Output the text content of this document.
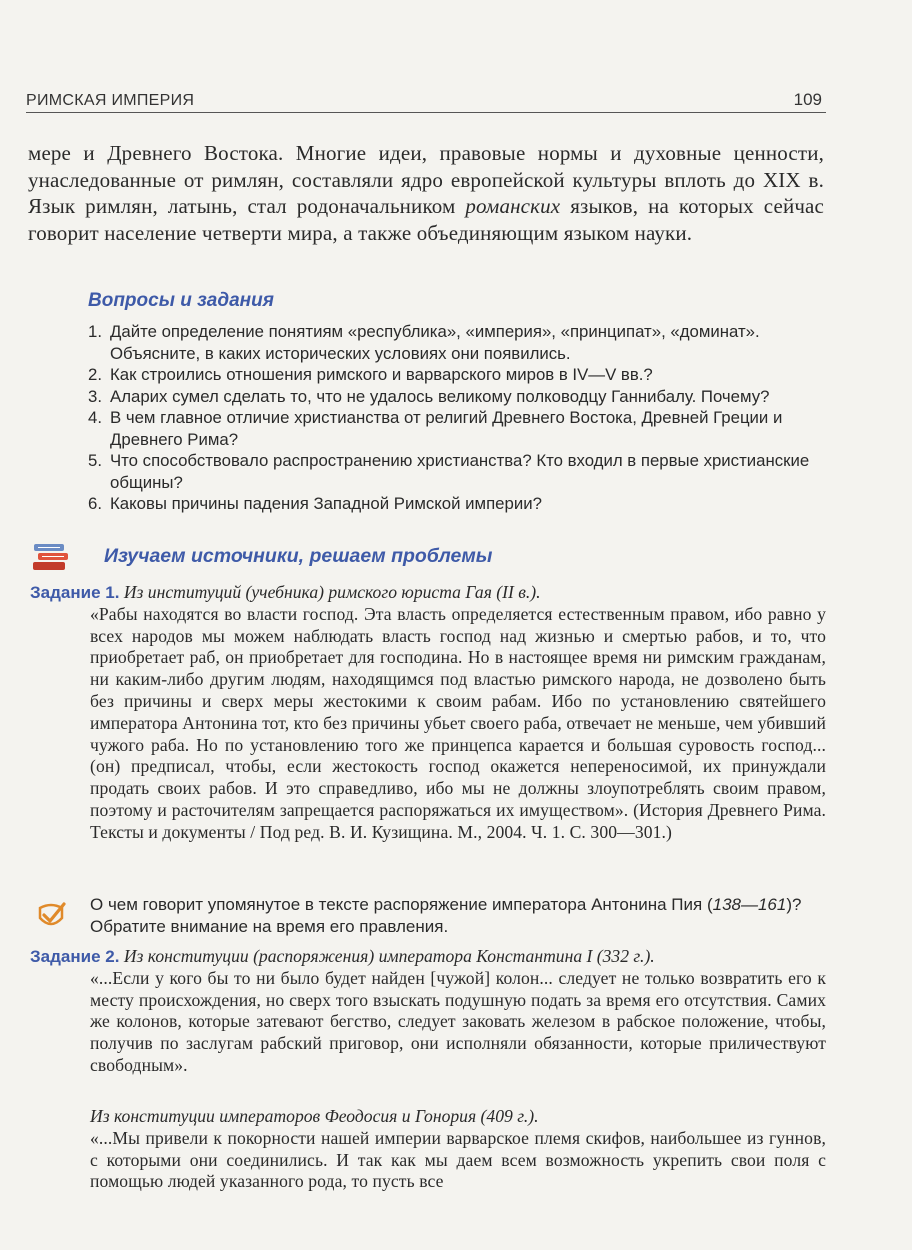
РИМСКАЯ ИМПЕРИЯ	109
мере и Древнего Востока. Многие идеи, правовые нормы и духовные ценности, унаследованные от римлян, составляли ядро европейской культуры вплоть до XIX в. Язык римлян, латынь, стал родоначальником романских языков, на которых сейчас говорит население четверти мира, а также объединяющим языком науки.
Вопросы и задания
1. Дайте определение понятиям «республика», «империя», «принципат», «доминат». Объясните, в каких исторических условиях они появились.
2. Как строились отношения римского и варварского миров в IV—V вв.?
3. Аларих сумел сделать то, что не удалось великому полководцу Ганнибалу. Почему?
4. В чем главное отличие христианства от религий Древнего Востока, Древней Греции и Древнего Рима?
5. Что способствовало распространению христианства? Кто входил в первые христианские общины?
6. Каковы причины падения Западной Римской империи?
Изучаем источники, решаем проблемы
Задание 1. Из институций (учебника) римского юриста Гая (II в.).
«Рабы находятся во власти господ. Эта власть определяется естественным правом, ибо равно у всех народов мы можем наблюдать власть господ над жизнью и смертью рабов, и то, что приобретает раб, он приобретает для господина. Но в настоящее время ни римским гражданам, ни каким-либо другим людям, находящимся под властью римского народа, не дозволено быть без причины и сверх меры жестокими к своим рабам. Ибо по установлению святейшего императора Антонина тот, кто без причины убьет своего раба, отвечает не меньше, чем убивший чужого раба. Но по установлению того же принцепса карается и большая суровость господ... (он) предписал, чтобы, если жестокость господ окажется непереносимой, их принуждали продать своих рабов. И это справедливо, ибо мы не должны злоупотреблять своим правом, поэтому и расточителям запрещается распоряжаться их имуществом». (История Древнего Рима. Тексты и документы / Под ред. В. И. Кузищина. М., 2004. Ч. 1. С. 300—301.)
О чем говорит упомянутое в тексте распоряжение императора Антонина Пия (138—161)? Обратите внимание на время его правления.
Задание 2. Из конституции (распоряжения) императора Константина I (332 г.).
«...Если у кого бы то ни было будет найден [чужой] колон... следует не только возвратить его к месту происхождения, но сверх того взыскать подушную подать за время его отсутствия. Самих же колонов, которые затевают бегство, следует заковать железом в рабское положение, чтобы, получив по заслугам рабский приговор, они исполняли обязанности, которые приличествуют свободным».
Из конституции императоров Феодосия и Гонория (409 г.).
«...Мы привели к покорности нашей империи варварское племя скифов, наибольшее из гуннов, с которыми они соединились. И так как мы даем всем возможность укрепить свои поля с помощью людей указанного рода, то пусть все
